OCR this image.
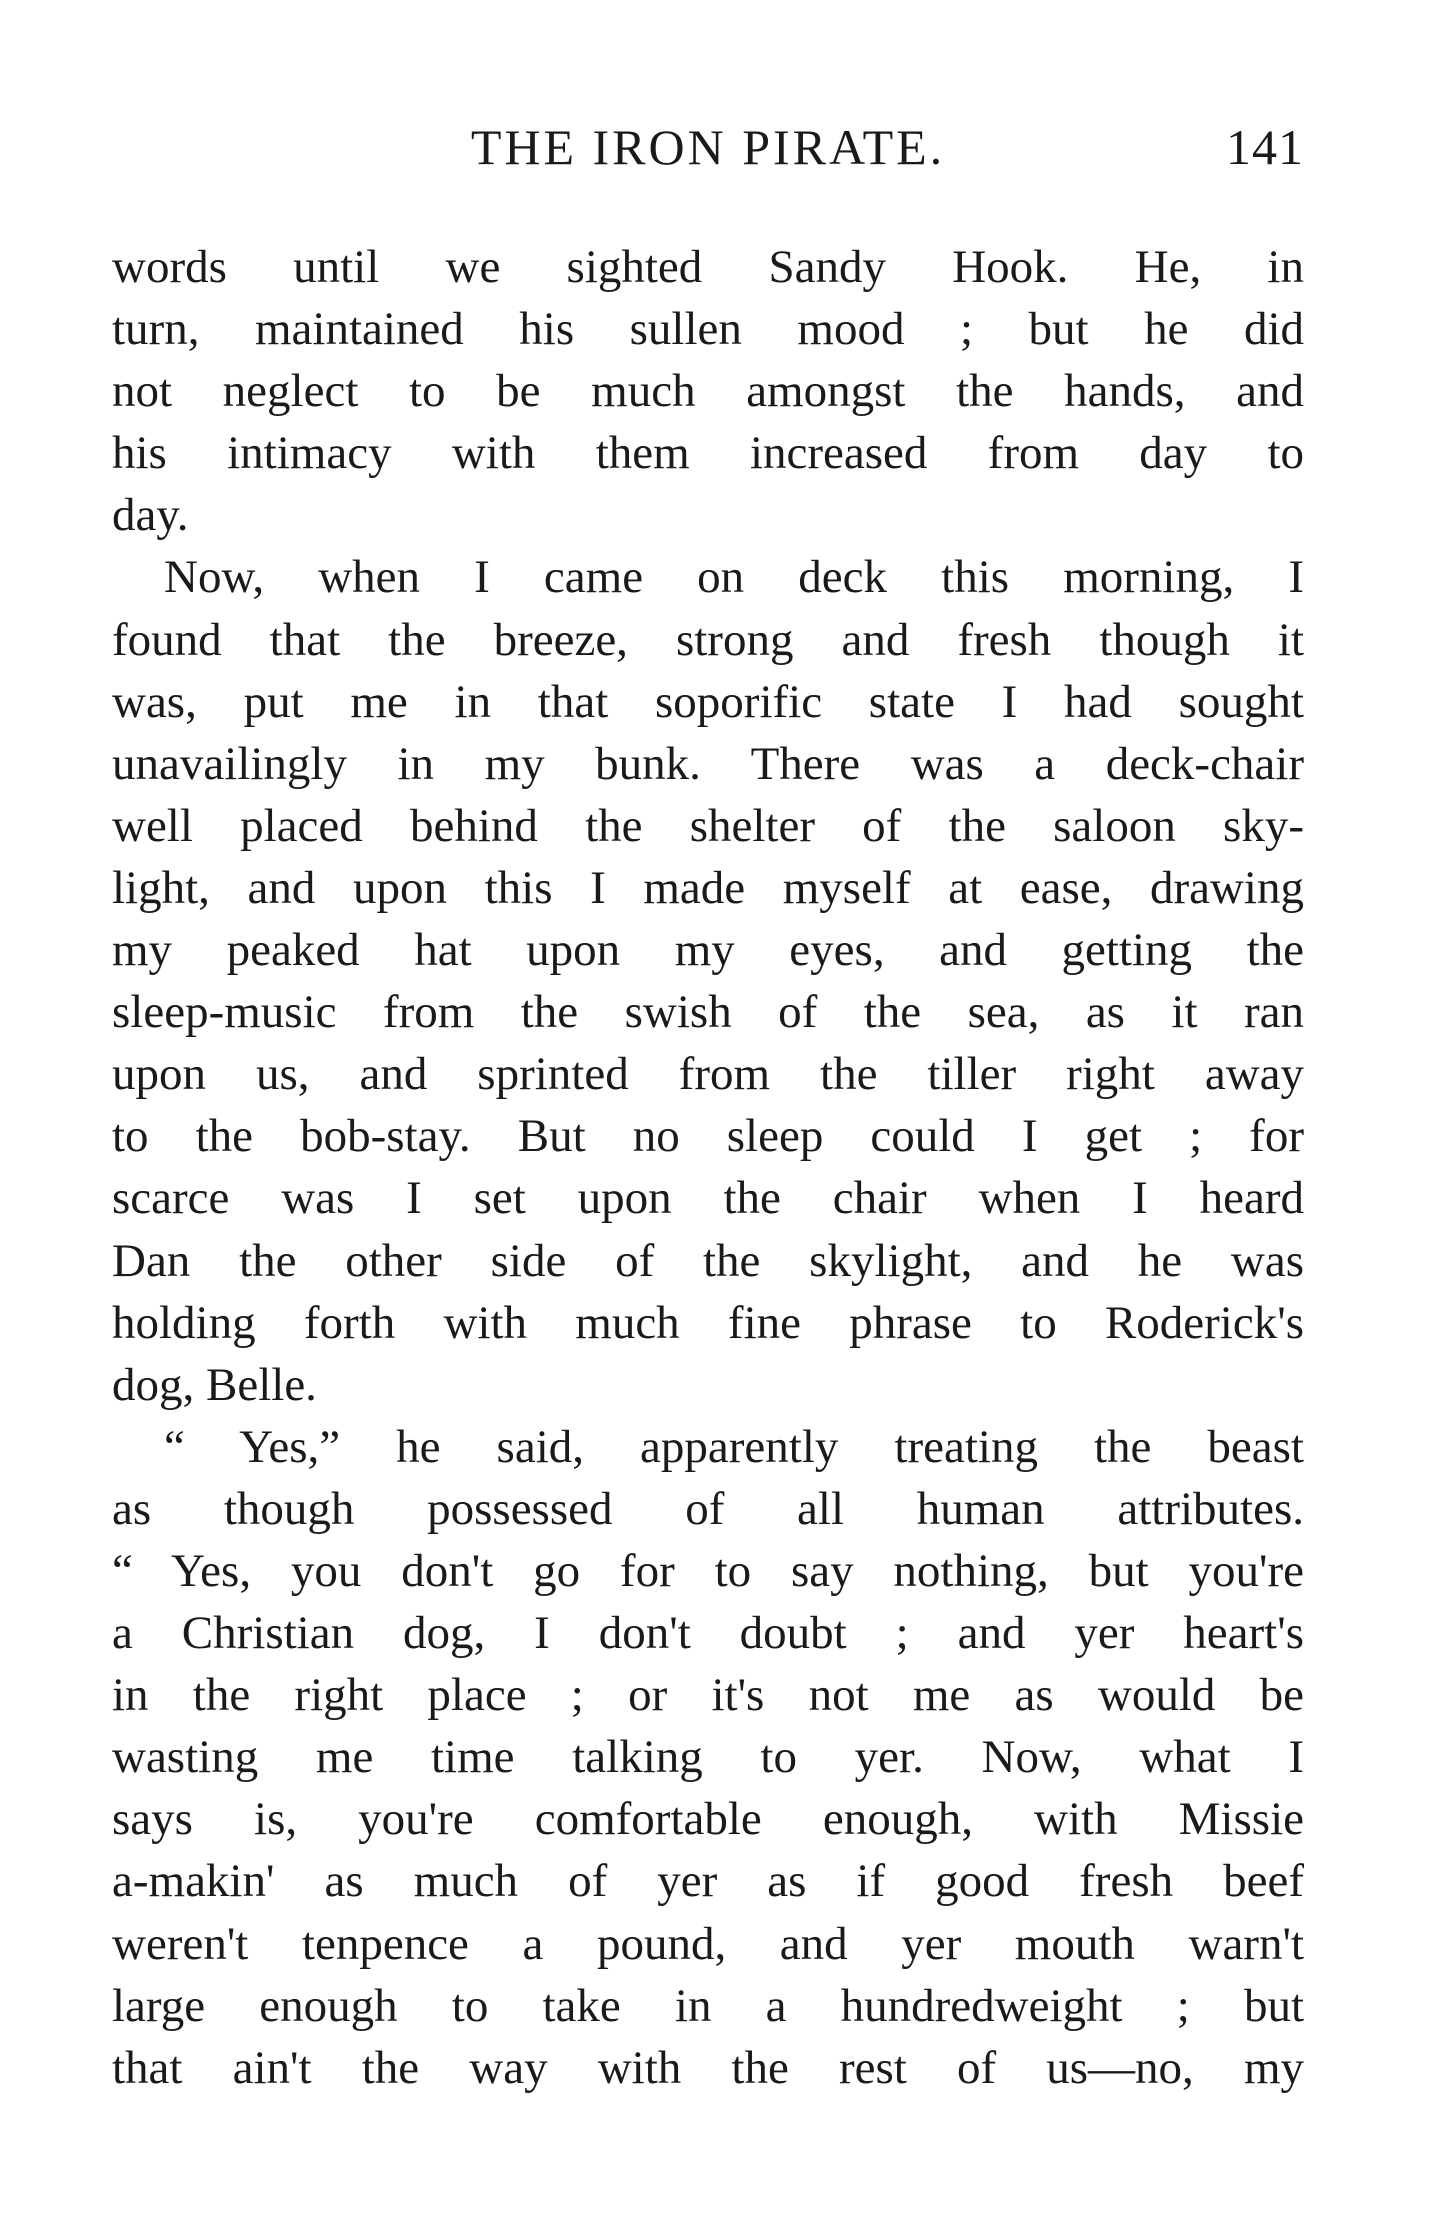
THE IRON PIRATE.	141
words until we sighted Sandy Hook. He, in
turn, maintained his sullen mood ; but he did
not neglect to be much amongst the hands, and
his intimacy with them increased from day to
day.
Now, when I came on deck this morning, I
found that the breeze, strong and fresh though it
was, put me in that soporific state I had sought
unavailingly in my bunk. There was a deck-chair
well placed behind the shelter of the saloon sky-
light, and upon this I made myself at ease, drawing
my peaked hat upon my eyes, and getting the
sleep-music from the swish of the sea, as it ran
upon us, and sprinted from the tiller right away
to the bob-stay. But no sleep could I get ; for
scarce was I set upon the chair when I heard
Dan the other side of the skylight, and he was
holding forth with much fine phrase to Roderick's
dog, Belle.
“ Yes,” he said, apparently treating the beast
as though possessed of all human attributes.
“ Yes, you don't go for to say nothing, but you're
a Christian dog, I don't doubt ; and yer heart's
in the right place ; or it's not me as would be
wasting me time talking to yer. Now, what I
says is, you're comfortable enough, with Missie
a-makin' as much of yer as if good fresh beef
weren't tenpence a pound, and yer mouth warn't
large enough to take in a hundredweight ; but
that ain't the way with the rest of us—no, my
